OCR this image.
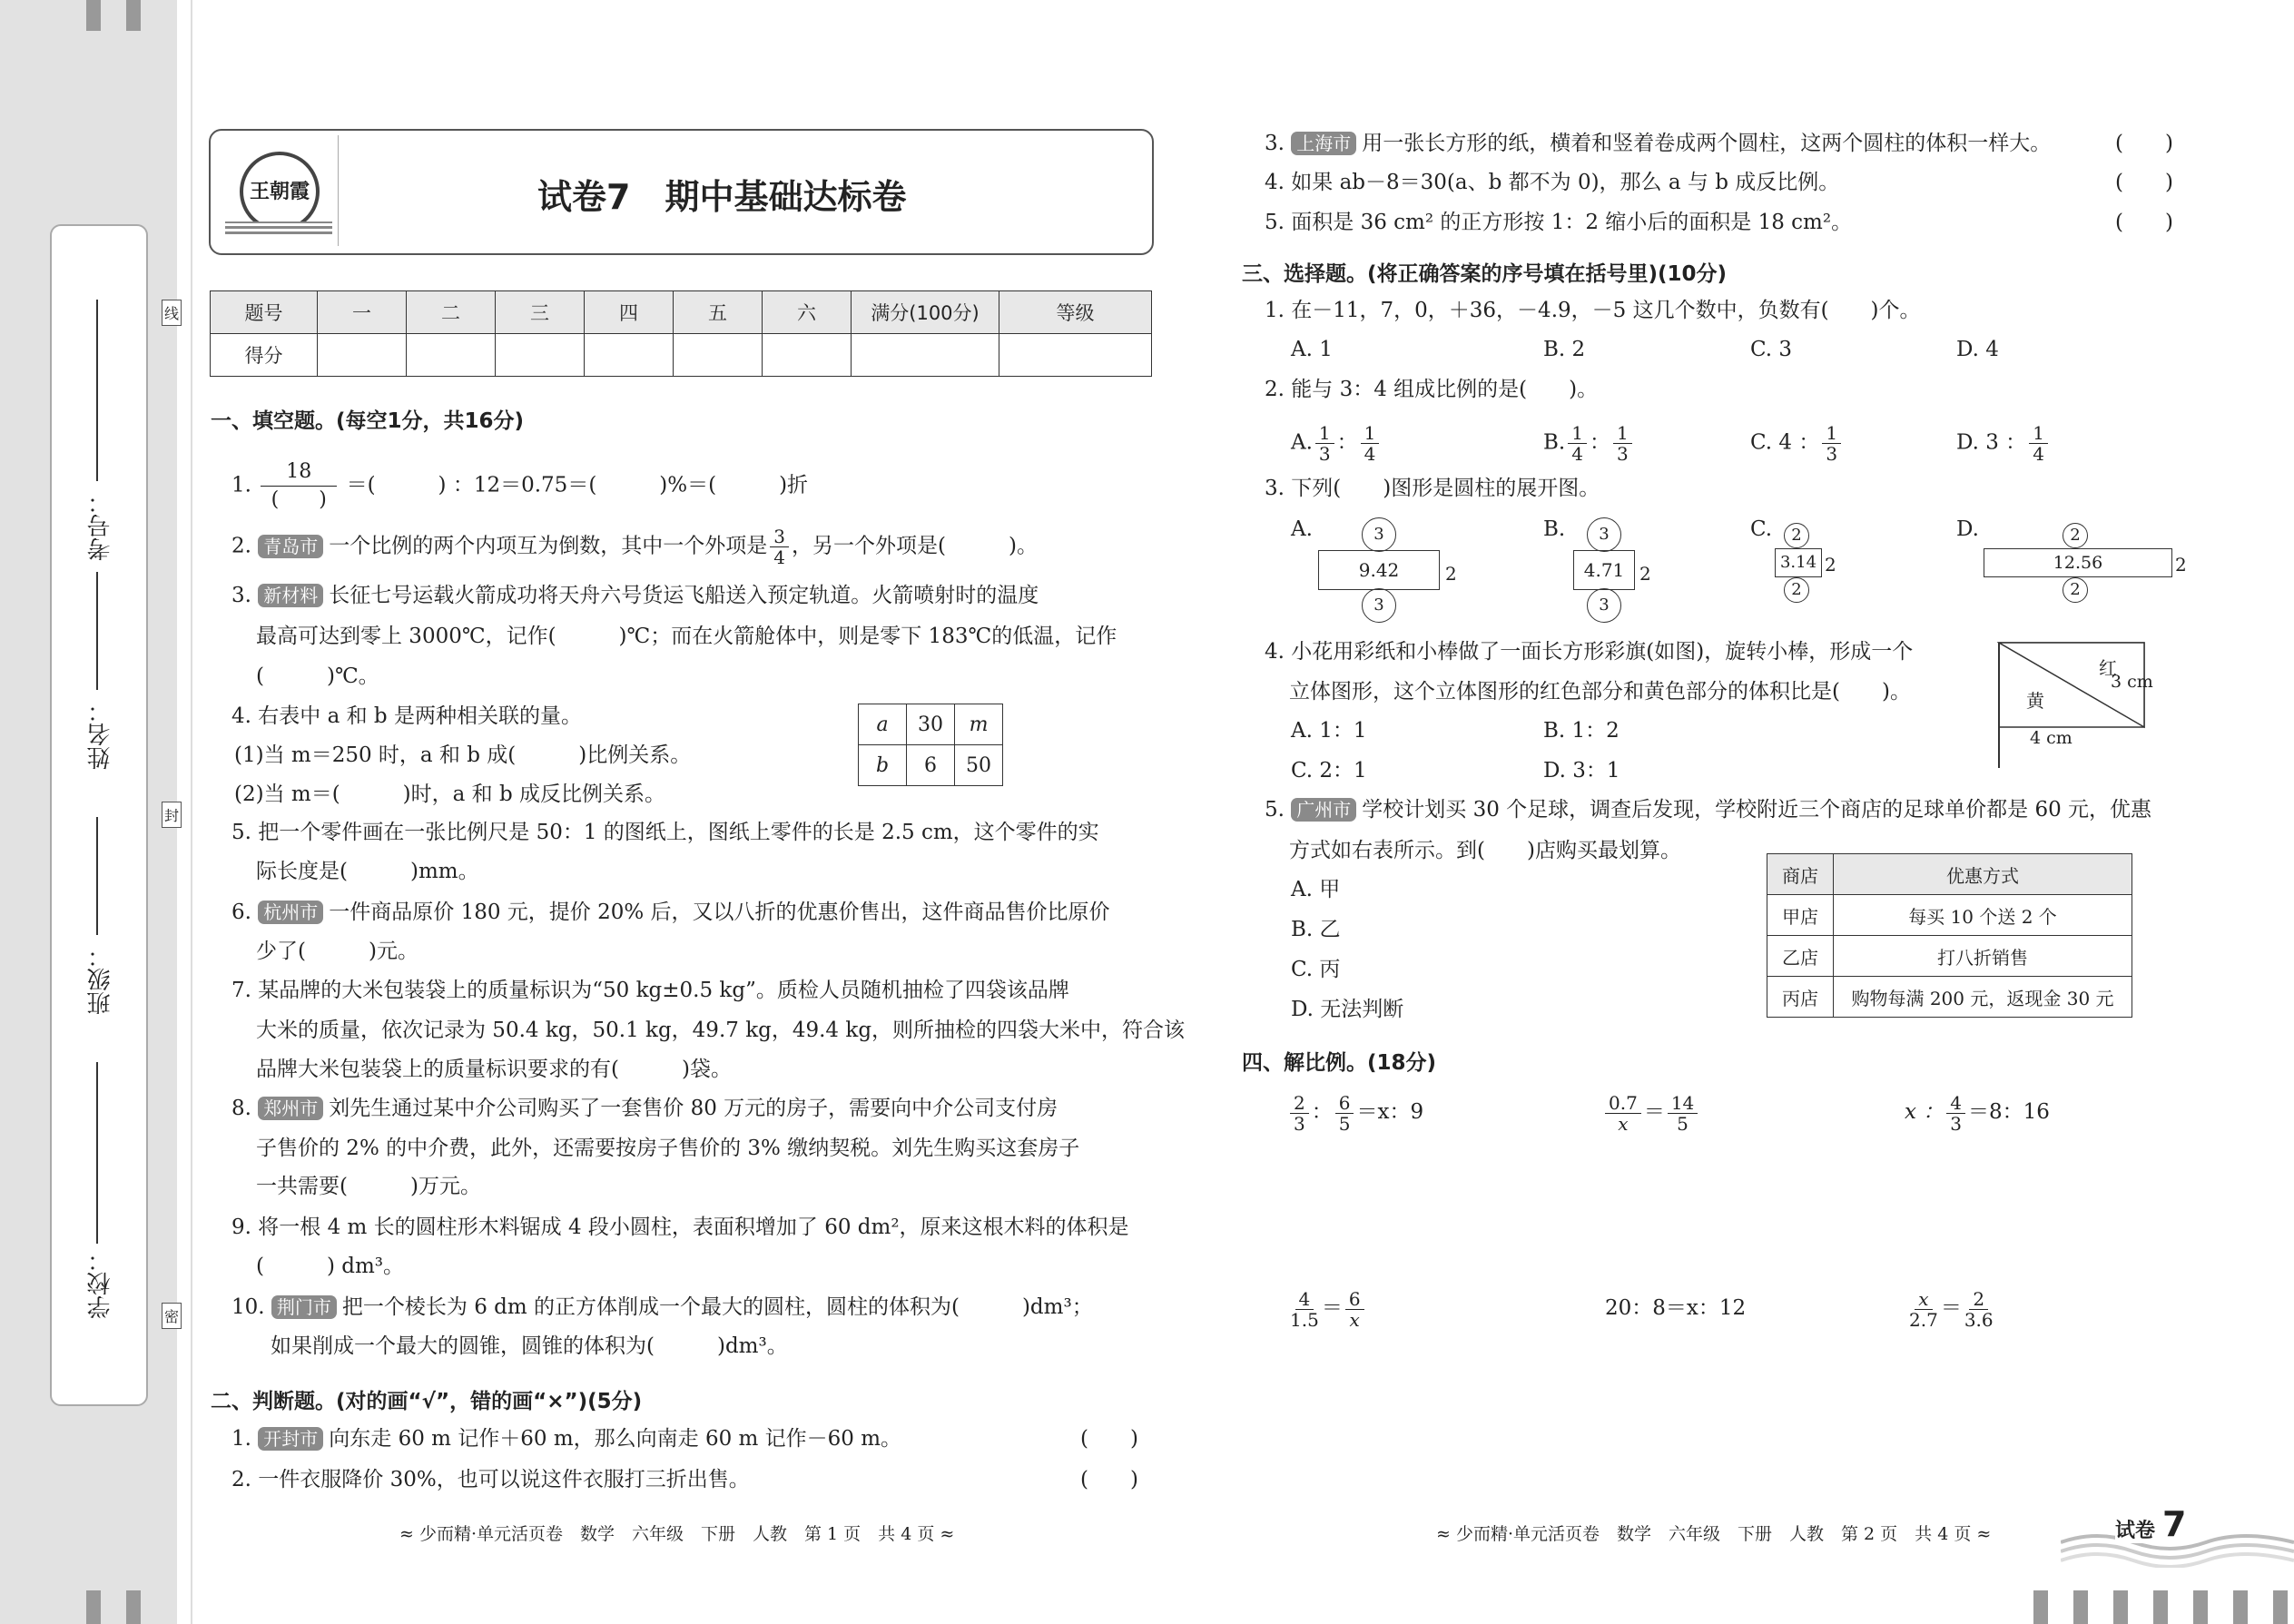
考号：
姓名：
班级：
学校：
线
封
密
王朝霞	试卷7　期中基础达标卷
题号	一	二	三	四	五	六	满分(100分)	等级
得分								
一、填空题。(每空1分，共16分)
1. $\frac{18}{( )}$ ＝(　　　) ：12＝0.75＝(　　　)%＝(　　　)折
2. 青岛市 一个比例的两个内项互为倒数，其中一个外项是 $\frac{3}{4}$ ，另一个外项是(　　　)。
3. 新材料 长征七号运载火箭成功将天舟六号货运飞船送入预定轨道。火箭喷射时的温度
最高可达到零上 3000℃，记作(　　　)℃；而在火箭舱体中，则是零下 183℃的低温，记作
(　　　)℃。
4. 右表中 a 和 b 是两种相关联的量。
(1)当 m＝250 时，a 和 b 成(　　　)比例关系。
(2)当 m＝(　　　)时，a 和 b 成反比例关系。
a	30	m
b	6	50
5. 把一个零件画在一张比例尺是 50：1 的图纸上，图纸上零件的长是 2.5 cm，这个零件的实
际长度是(　　　)mm。
6. 杭州市 一件商品原价 180 元，提价 20% 后，又以八折的优惠价售出，这件商品售价比原价
少了(　　　)元。
7. 某品牌的大米包装袋上的质量标识为“50 kg±0.5 kg”。质检人员随机抽检了四袋该品牌
大米的质量，依次记录为 50.4 kg，50.1 kg，49.7 kg，49.4 kg，则所抽检的四袋大米中，符合该
品牌大米包装袋上的质量标识要求的有(　　　)袋。
8. 郑州市 刘先生通过某中介公司购买了一套售价 80 万元的房子，需要向中介公司支付房
子售价的 2% 的中介费，此外，还需要按房子售价的 3% 缴纳契税。刘先生购买这套房子
一共需要(　　　)万元。
9. 将一根 4 m 长的圆柱形木料锯成 4 段小圆柱，表面积增加了 60 dm²，原来这根木料的体积是
(　　　) dm³。
10. 荆门市 把一个棱长为 6 dm 的正方体削成一个最大的圆柱，圆柱的体积为(　　　)dm³；
如果削成一个最大的圆锥，圆锥的体积为(　　　)dm³。
二、判断题。(对的画“√”，错的画“×”)(5分)
1. 开封市 向东走 60 m 记作＋60 m，那么向南走 60 m 记作－60 m。	(　　)
2. 一件衣服降价 30%，也可以说这件衣服打三折出售。	(　　)
≈ 少而精·单元活页卷　数学　六年级　下册　人教　第 1 页　共 4 页 ≈
3. 上海市 用一张长方形的纸，横着和竖着卷成两个圆柱，这两个圆柱的体积一样大。	(　　)
4. 如果 ab－8＝30(a、b 都不为 0)，那么 a 与 b 成反比例。	(　　)
5. 面积是 36 cm² 的正方形按 1：2 缩小后的面积是 18 cm²。	(　　)
三、选择题。(将正确答案的序号填在括号里)(10分)
1. 在－11，7，0，＋36，－4.9，－5 这几个数中，负数有(　　)个。
A. 1	B. 2	C. 3	D. 4
2. 能与 3：4 组成比例的是(　　)。
A. $\frac{1}{3}$ ： $\frac{1}{4}$	B. $\frac{1}{4}$ ： $\frac{1}{3}$	C. 4 ： $\frac{1}{3}$	D. 3 ： $\frac{1}{4}$
3. 下列(　　)图形是圆柱的展开图。
A.	3
9.42
3
2
B.	3
4.71
3
2
C.	2
3.14
2
2
D.	2
12.56
2
2
4. 小花用彩纸和小棒做了一面长方形彩旗(如图)，旋转小棒，形成一个
立体图形，这个立体图形的红色部分和黄色部分的体积比是(　　)。
A. 1：1	B. 1：2
C. 2：1	D. 3：1
红
黄
4 cm
3 cm
5. 广州市 学校计划买 30 个足球，调查后发现，学校附近三个商店的足球单价都是 60 元，优惠
方式如右表所示。到(　　)店购买最划算。
A. 甲
B. 乙
C. 丙
D. 无法判断
商店	优惠方式
甲店	每买 10 个送 2 个
乙店	打八折销售
丙店	购物每满 200 元，返现金 30 元
四、解比例。(18分)
$\frac{2}{3}$ ： $\frac{6}{5} =x$：9	$\frac{0.7}{x} = \frac{14}{5}$	x ： $\frac{4}{3} =8$：16
$\frac{4}{1.5} = \frac{6}{x}$	20：8＝x：12	$\frac{x}{2.7} = \frac{2}{3.6}$
≈ 少而精·单元活页卷　数学　六年级　下册　人教　第 2 页　共 4 页 ≈	试卷 7
